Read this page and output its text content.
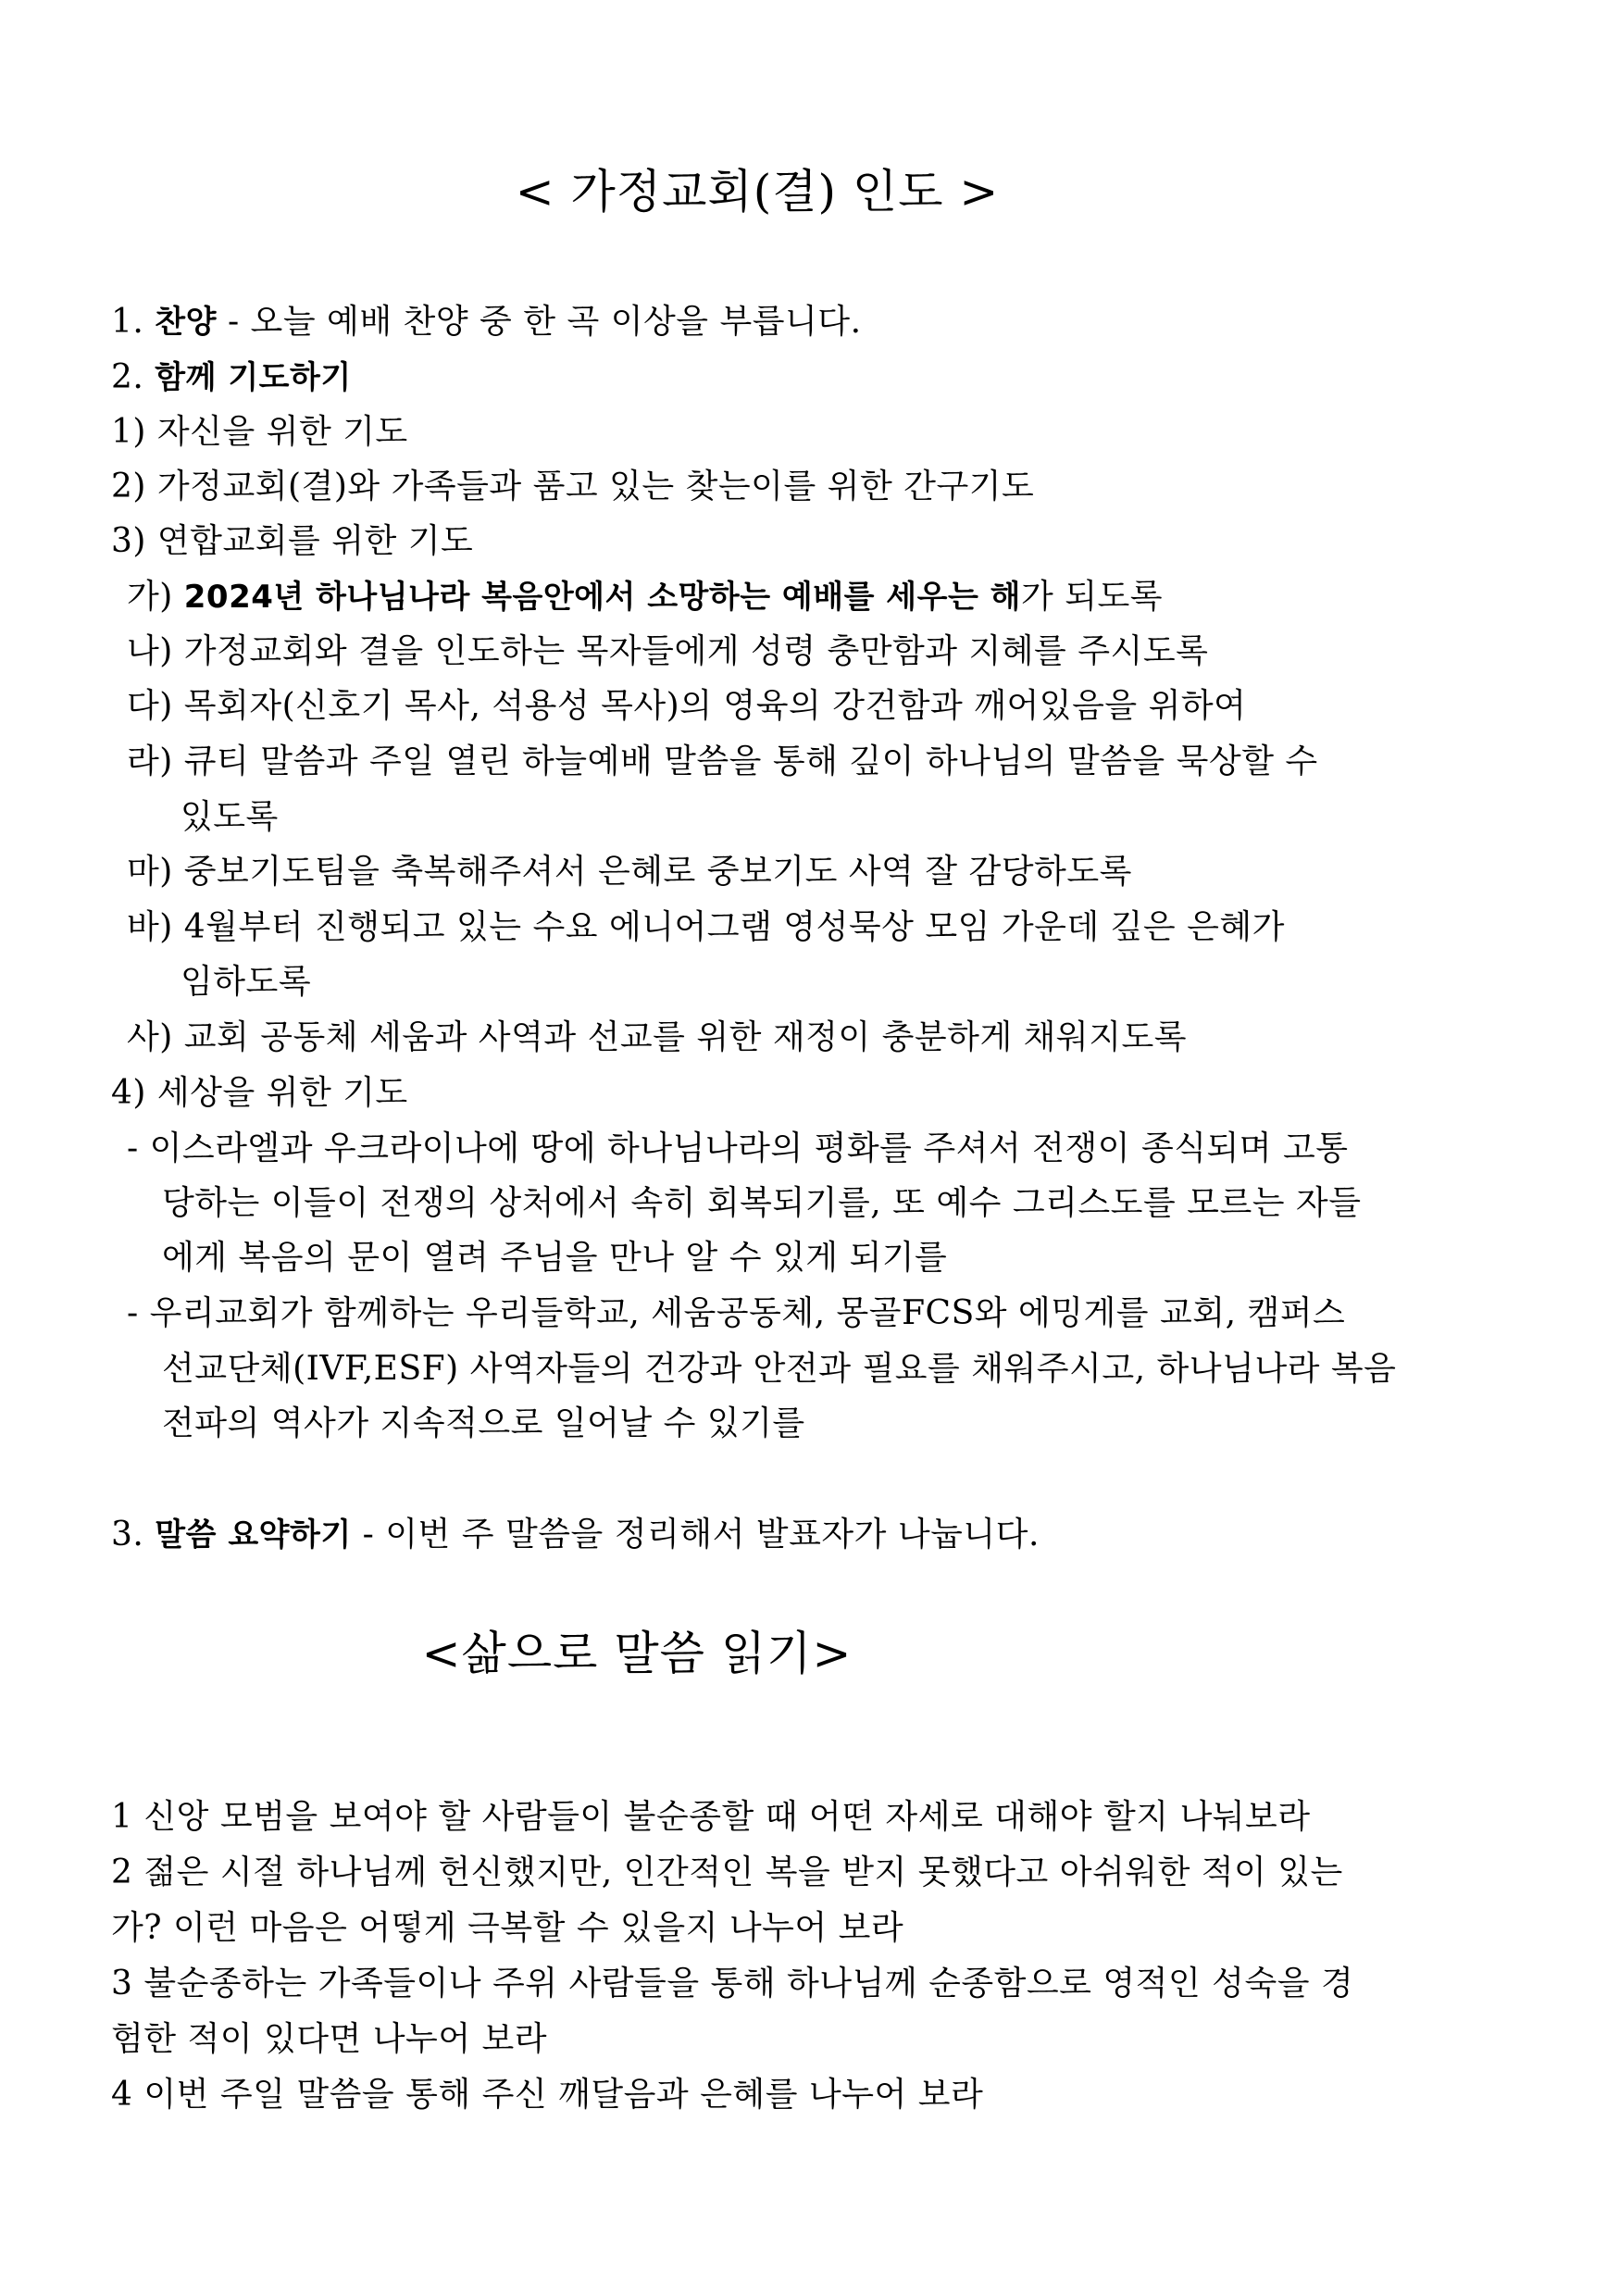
< 가정교회(결) 인도 >
1. 찬양 - 오늘 예배 찬양 중 한 곡 이상을 부릅니다.
2. 함께 기도하기
1) 자신을 위한 기도
2) 가정교회(결)와 가족들과 품고 있는 찾는이를 위한 간구기도
3) 연합교회를 위한 기도
가) 2024년 하나님나라 복음안에서 소망하는 예배를 세우는 해가 되도록
나) 가정교회와 결을 인도하는 목자들에게 성령 충만함과 지혜를 주시도록
다) 목회자(신호기 목사, 석용성 목사)의 영육의 강건함과 깨어있음을 위하여
라) 큐티 말씀과 주일 열린 하늘예배 말씀을 통해 깊이 하나님의 말씀을 묵상할 수
있도록
마) 중보기도팀을 축복해주셔서 은혜로 중보기도 사역 잘 감당하도록
바) 4월부터 진행되고 있는 수요 에니어그램 영성묵상 모임 가운데 깊은 은혜가
임하도록
사) 교회 공동체 세움과 사역과 선교를 위한 재정이 충분하게 채워지도록
4) 세상을 위한 기도
- 이스라엘과 우크라이나에 땅에 하나님나라의 평화를 주셔서 전쟁이 종식되며 고통
당하는 이들이 전쟁의 상처에서 속히 회복되기를, 또 예수 그리스도를 모르는 자들
에게 복음의 문이 열려 주님을 만나 알 수 있게 되기를
- 우리교회가 함께하는 우리들학교, 세움공동체, 몽골FCS와 에밍게를 교회, 캠퍼스
선교단체(IVF,ESF) 사역자들의 건강과 안전과 필요를 채워주시고, 하나님나라 복음
전파의 역사가 지속적으로 일어날 수 있기를
3. 말씀 요약하기 - 이번 주 말씀을 정리해서 발표자가 나눕니다.
<삶으로 말씀 읽기>
1 신앙 모범을 보여야 할 사람들이 불순종할 때 어떤 자세로 대해야 할지 나눠보라
2 젊은 시절 하나님께 헌신했지만, 인간적인 복을 받지 못했다고 아쉬워한 적이 있는
가? 이런 마음은 어떻게 극복할 수 있을지 나누어 보라
3 불순종하는 가족들이나 주위 사람들을 통해 하나님께 순종함으로 영적인 성숙을 경
험한 적이 있다면 나누어 보라
4 이번 주일 말씀을 통해 주신 깨달음과 은혜를 나누어 보라
